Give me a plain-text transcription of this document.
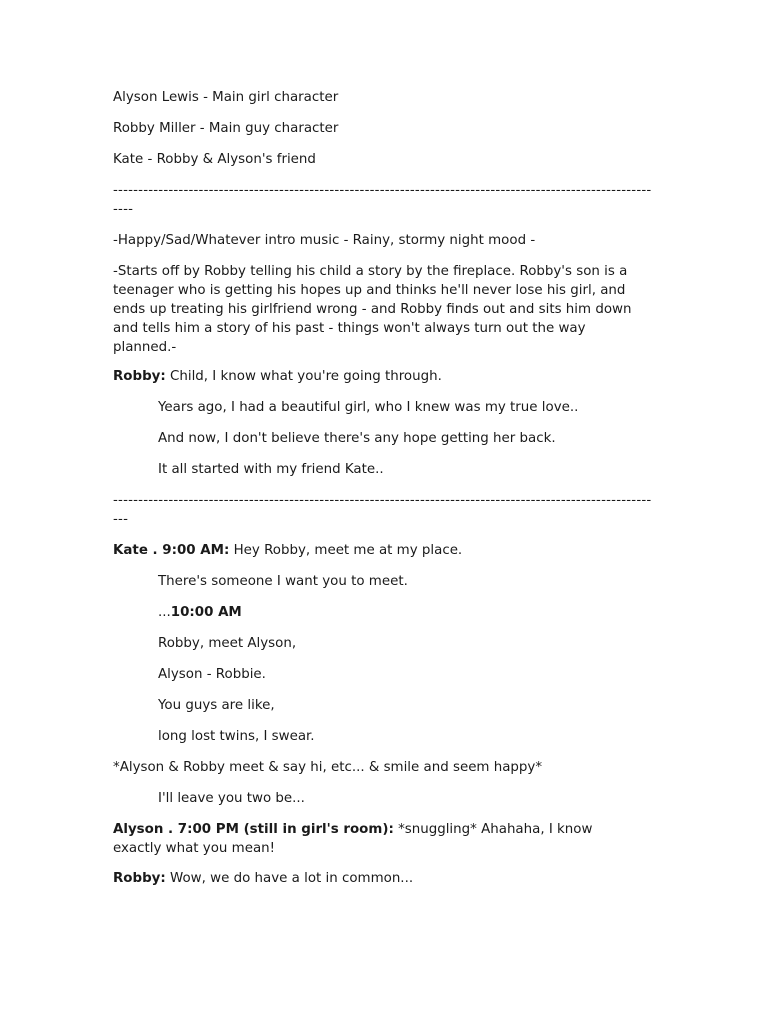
Alyson Lewis - Main girl character
Robby Miller - Main guy character
Kate - Robby & Alyson's friend
---------------------------------------------------------------------------------------------------------------
-Happy/Sad/Whatever intro music - Rainy, stormy night mood -
-Starts off by Robby telling his child a story by the fireplace. Robby's son is a teenager who is getting his hopes up and thinks he'll never lose his girl, and ends up treating his girlfriend wrong - and Robby finds out and sits him down and tells him a story of his past - things won't always turn out the way planned.-
Robby: Child, I know what you're going through.
Years ago, I had a beautiful girl, who I knew was my true love..
And now, I don't believe there's any hope getting her back.
It all started with my friend Kate..
--------------------------------------------------------------------------------------------------------------
Kate . 9:00 AM: Hey Robby, meet me at my place.
There's someone I want you to meet.
...10:00 AM
Robby, meet Alyson,
Alyson - Robbie.
You guys are like,
long lost twins, I swear.
*Alyson & Robby meet & say hi, etc... & smile and seem happy*
I'll leave you two be...
Alyson . 7:00 PM (still in girl's room): *snuggling* Ahahaha, I know exactly what you mean!
Robby: Wow, we do have a lot in common...
